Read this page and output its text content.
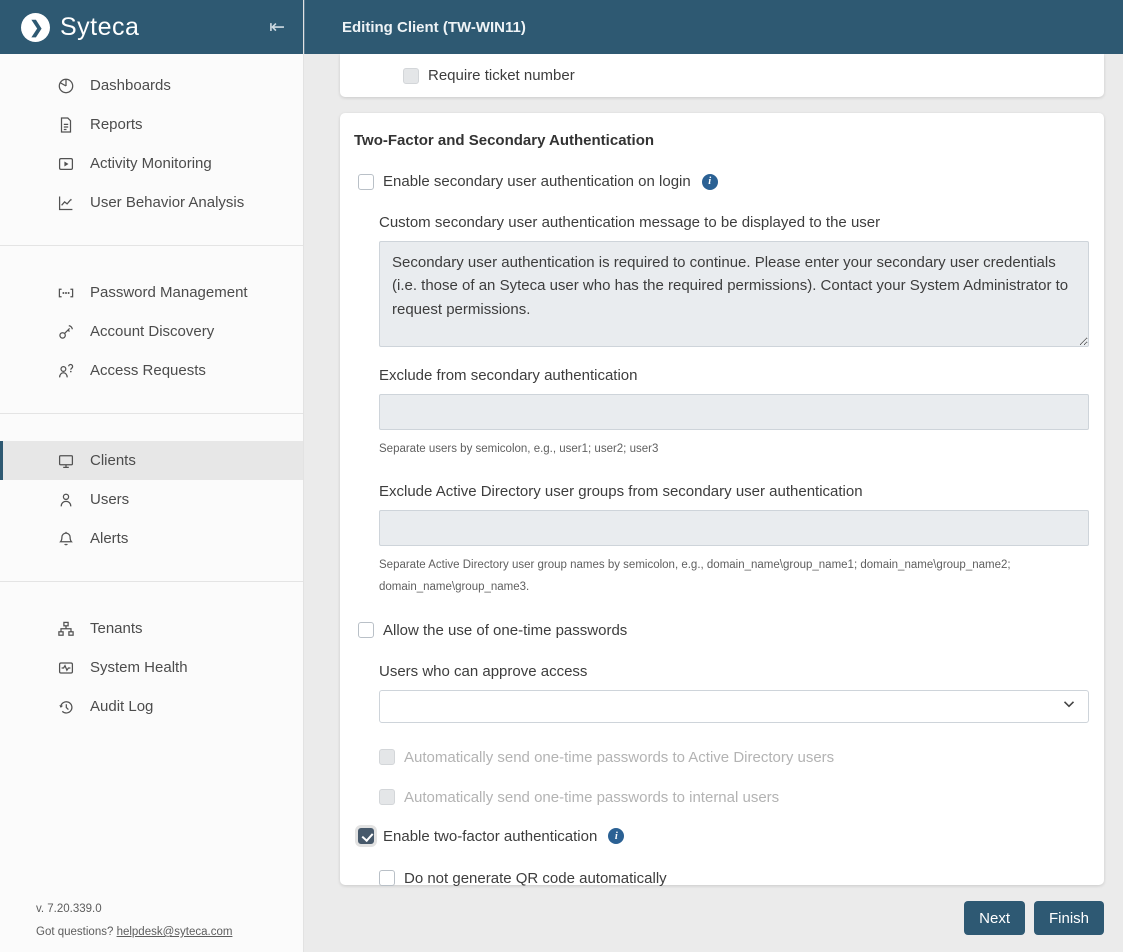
❯ Syteca	⇤
Dashboards
Reports
Activity Monitoring
User Behavior Analysis
Password Management
Account Discovery
Access Requests
Clients
Users
Alerts
Tenants
System Health
Audit Log
v. 7.20.339.0
Got questions? helpdesk@syteca.com
Editing Client (TW-WIN11)
Require ticket number
Two-Factor and Secondary Authentication
Enable secondary user authentication on login	i
Custom secondary user authentication message to be displayed to the user
Secondary user authentication is required to continue. Please enter your secondary user credentials (i.e. those of an Syteca user who has the required permissions). Contact your System Administrator to request permissions.
Exclude from secondary authentication
Separate users by semicolon, e.g., user1; user2; user3
Exclude Active Directory user groups from secondary user authentication
Separate Active Directory user group names by semicolon, e.g., domain_name\group_name1; domain_name\group_name2; domain_name\group_name3.
Allow the use of one-time passwords
Users who can approve access
Automatically send one-time passwords to Active Directory users
Automatically send one-time passwords to internal users
Enable two-factor authentication	i
Do not generate QR code automatically
Next	Finish
